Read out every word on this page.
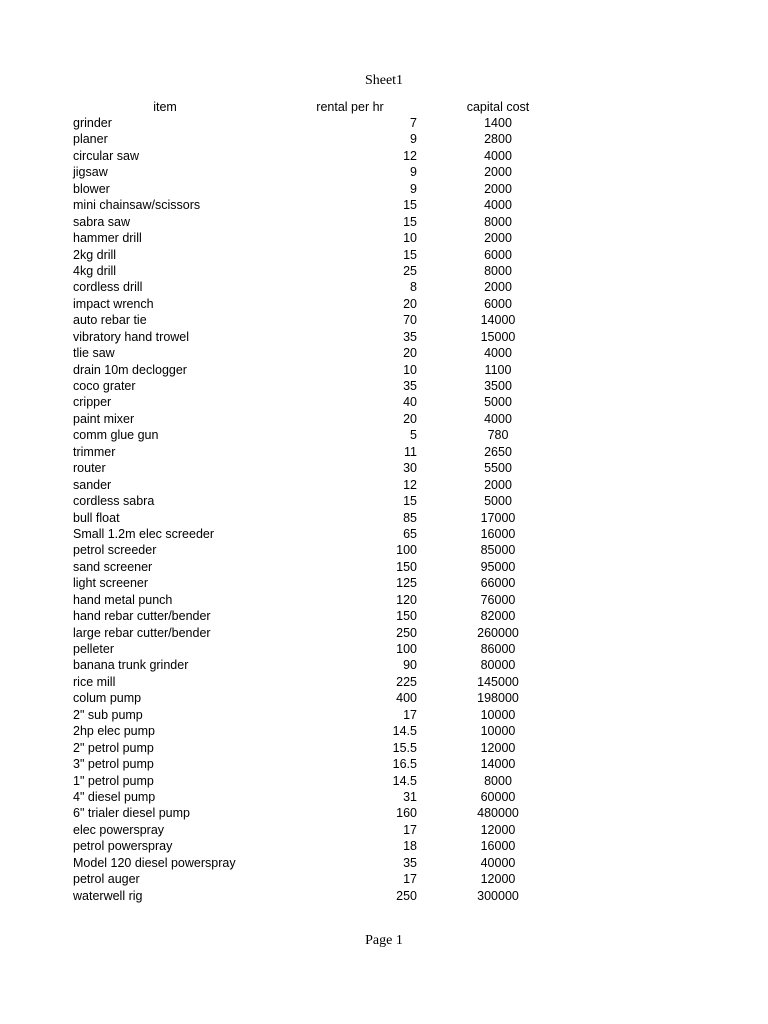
Sheet1
item	rental per hr	capital cost
grinder	7	1400
planer	9	2800
circular saw	12	4000
jigsaw	9	2000
blower	9	2000
mini chainsaw/scissors	15	4000
sabra saw	15	8000
hammer drill	10	2000
2kg drill	15	6000
4kg drill	25	8000
cordless drill	8	2000
impact wrench	20	6000
auto rebar tie	70	14000
vibratory hand trowel	35	15000
tlie saw	20	4000
drain 10m declogger	10	1100
coco grater	35	3500
cripper	40	5000
paint mixer	20	4000
comm glue gun	5	780
trimmer	11	2650
router	30	5500
sander	12	2000
cordless sabra	15	5000
bull float	85	17000
Small 1.2m elec screeder	65	16000
petrol screeder	100	85000
sand screener	150	95000
light screener	125	66000
hand metal punch	120	76000
hand rebar cutter/bender	150	82000
large rebar cutter/bender	250	260000
pelleter	100	86000
banana trunk grinder	90	80000
rice mill	225	145000
colum pump	400	198000
2" sub pump	17	10000
2hp elec pump	14.5	10000
2" petrol pump	15.5	12000
3" petrol pump	16.5	14000
1" petrol pump	14.5	8000
4" diesel pump	31	60000
6" trialer diesel pump	160	480000
elec powerspray	17	12000
petrol powerspray	18	16000
Model 120 diesel powerspray	35	40000
petrol auger	17	12000
waterwell rig	250	300000
Page 1
